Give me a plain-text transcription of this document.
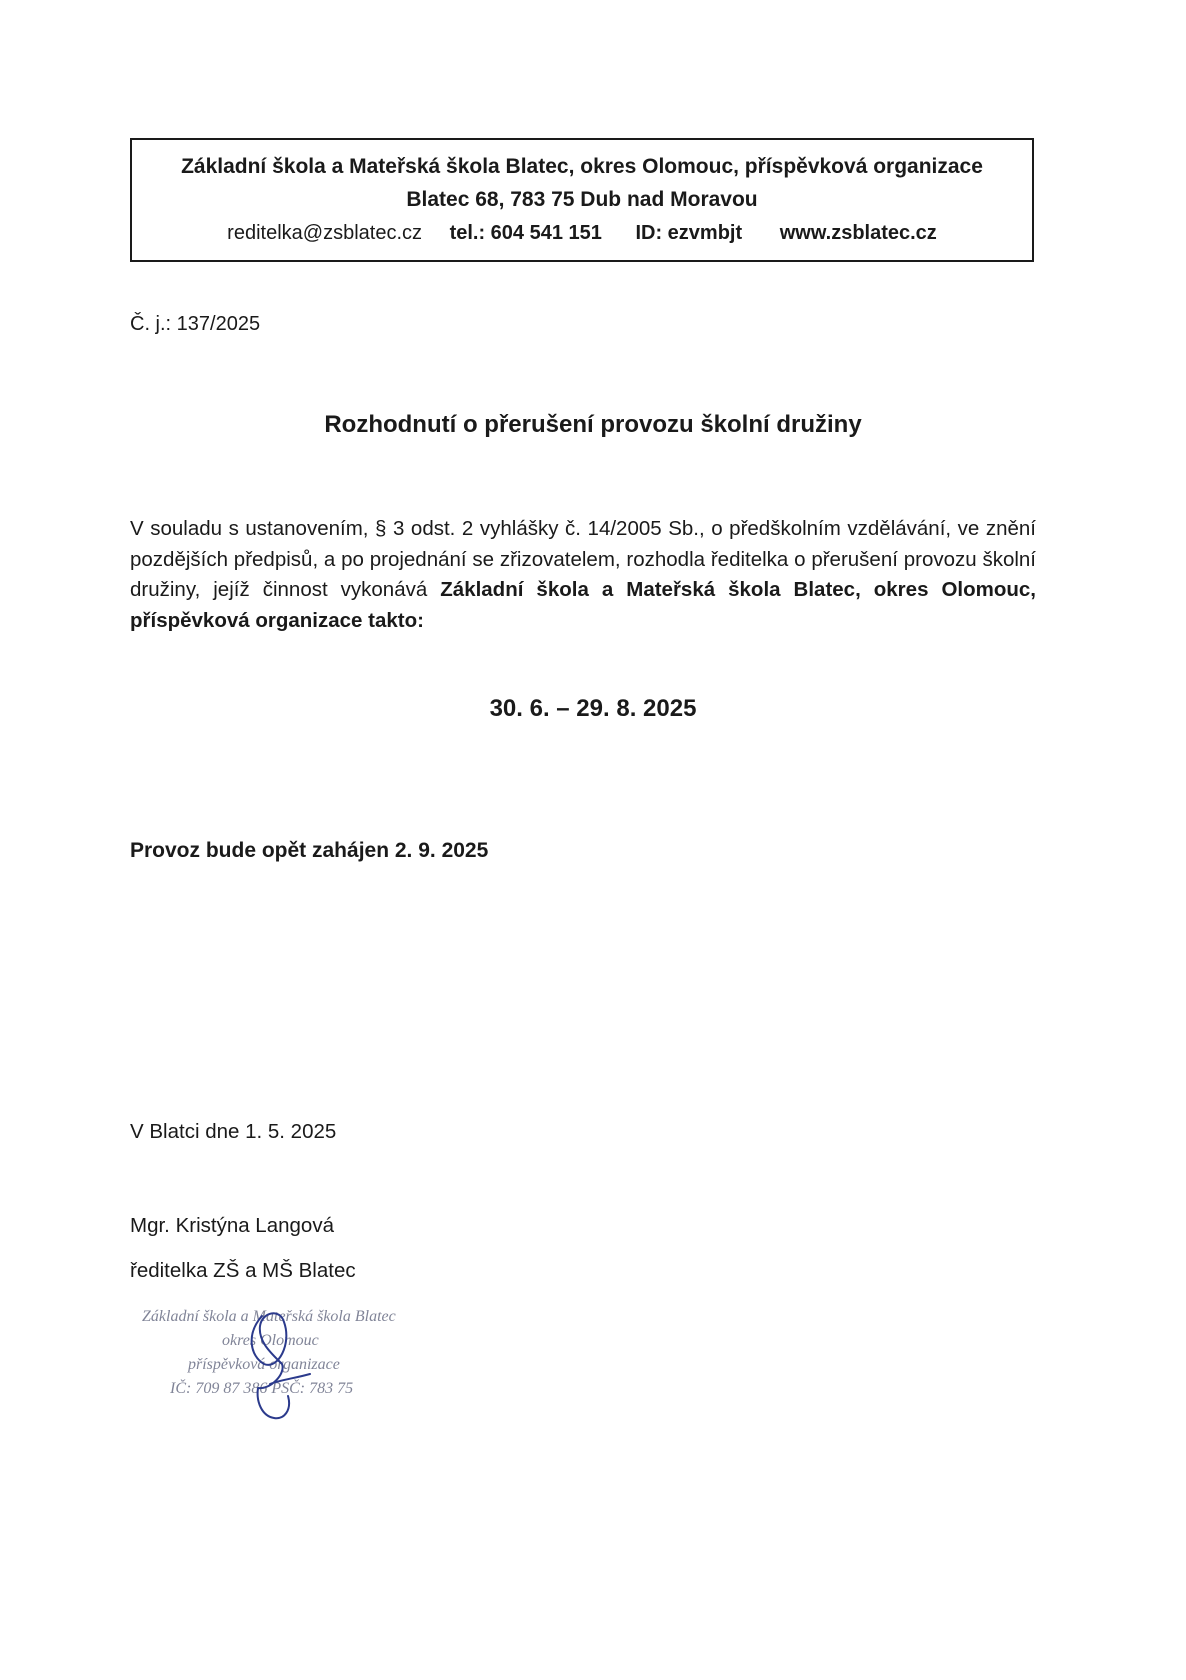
Základní škola a Mateřská škola Blatec, okres Olomouc, příspěvková organizace
Blatec 68, 783 75 Dub nad Moravou
reditelka@zsblatec.cz tel.: 604 541 151 ID: ezvmbjt www.zsblatec.cz
Č. j.: 137/2025
Rozhodnutí o přerušení provozu školní družiny
V souladu s ustanovením, § 3 odst. 2 vyhlášky č. 14/2005 Sb., o předškolním vzdělávání, ve znění pozdějších předpisů, a po projednání se zřizovatelem, rozhodla ředitelka o přerušení provozu školní družiny, jejíž činnost vykonává Základní škola a Mateřská škola Blatec, okres Olomouc, příspěvková organizace takto:
30. 6. – 29. 8. 2025
Provoz bude opět zahájen 2. 9. 2025
V Blatci dne 1. 5. 2025
Mgr. Kristýna Langová
ředitelka ZŠ a MŠ Blatec
Základní škola a Mateřská škola Blatec
okres Olomouc
příspěvková organizace
IČ: 709 87 386 PSČ: 783 75
